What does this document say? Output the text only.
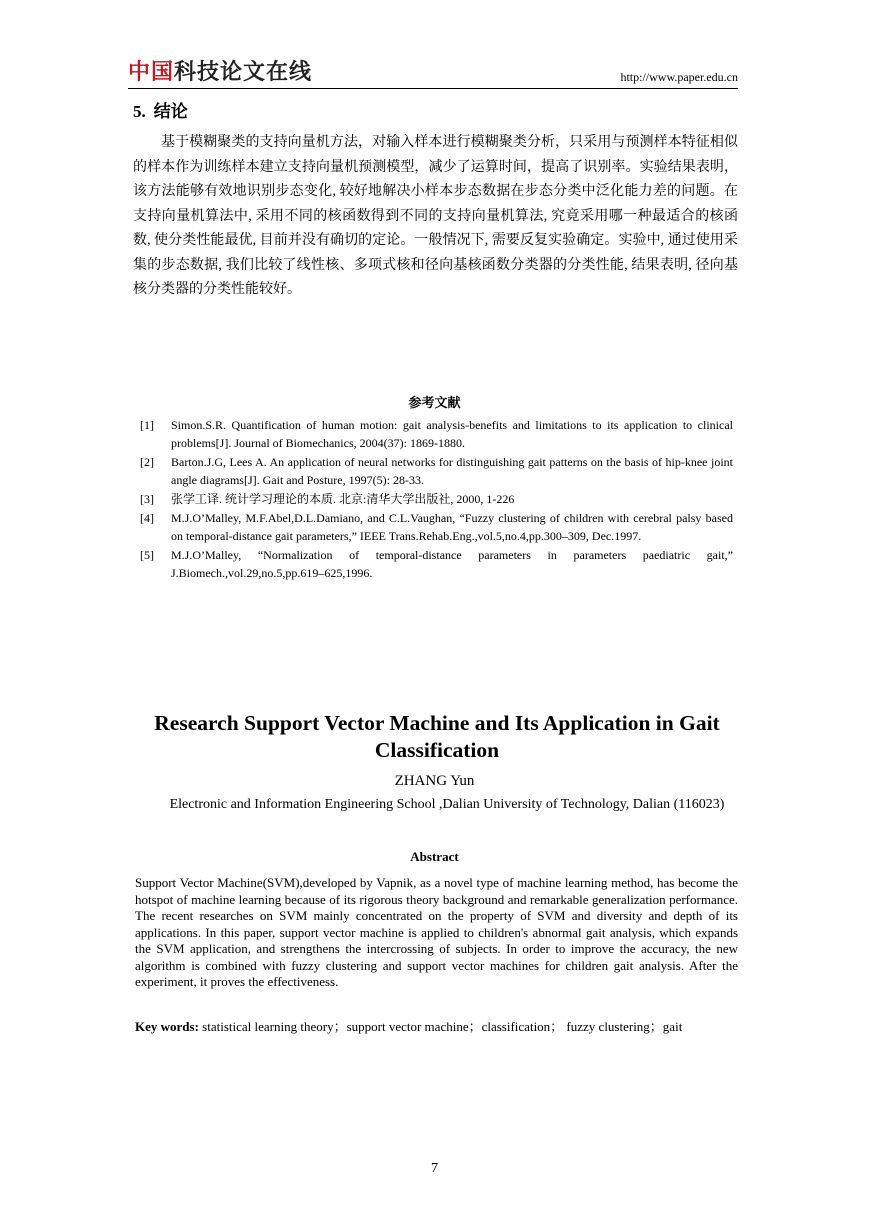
中国科技论文在线	http://www.paper.edu.cn
5. 结论
基于模糊聚类的支持向量机方法，对输入样本进行模糊聚类分析，只采用与预测样本特征相似的样本作为训练样本建立支持向量机预测模型，减少了运算时间，提高了识别率。实验结果表明，该方法能够有效地识别步态变化, 较好地解决小样本步态数据在步态分类中泛化能力差的问题。在支持向量机算法中, 采用不同的核函数得到不同的支持向量机算法, 究竟采用哪一种最适合的核函数, 使分类性能最优, 目前并没有确切的定论。一般情况下, 需要反复实验确定。实验中, 通过使用采集的步态数据, 我们比较了线性核、多项式核和径向基核函数分类器的分类性能, 结果表明, 径向基核分类器的分类性能较好。
参考文献
[1] Simon.S.R. Quantification of human motion: gait analysis-benefits and limitations to its application to clinical problems[J]. Journal of Biomechanics, 2004(37): 1869-1880.
[2] Barton.J.G, Lees A. An application of neural networks for distinguishing gait patterns on the basis of hip-knee joint angle diagrams[J]. Gait and Posture, 1997(5): 28-33.
[3] 张学工译. 统计学习理论的本质. 北京:清华大学出版社, 2000, 1-226
[4] M.J.O’Malley, M.F.Abel,D.L.Damiano, and C.L.Vaughan, “Fuzzy clustering of children with cerebral palsy based on temporal-distance gait parameters,” IEEE Trans.Rehab.Eng.,vol.5,no.4,pp.300–309, Dec.1997.
[5] M.J.O’Malley, “Normalization of temporal-distance parameters in parameters paediatric gait,” J.Biomech.,vol.29,no.5,pp.619–625,1996.
Research Support Vector Machine and Its Application in Gait Classification
ZHANG Yun
Electronic and Information Engineering School ,Dalian University of Technology, Dalian (116023)
Abstract
Support Vector Machine(SVM),developed by Vapnik, as a novel type of machine learning method, has become the hotspot of machine learning because of its rigorous theory background and remarkable generalization performance. The recent researches on SVM mainly concentrated on the property of SVM and diversity and depth of its applications. In this paper, support vector machine is applied to children's abnormal gait analysis, which expands the SVM application, and strengthens the intercrossing of subjects. In order to improve the accuracy, the new algorithm is combined with fuzzy clustering and support vector machines for children gait analysis. After the experiment, it proves the effectiveness.
Key words: statistical learning theory；support vector machine；classification； fuzzy clustering；gait
7
